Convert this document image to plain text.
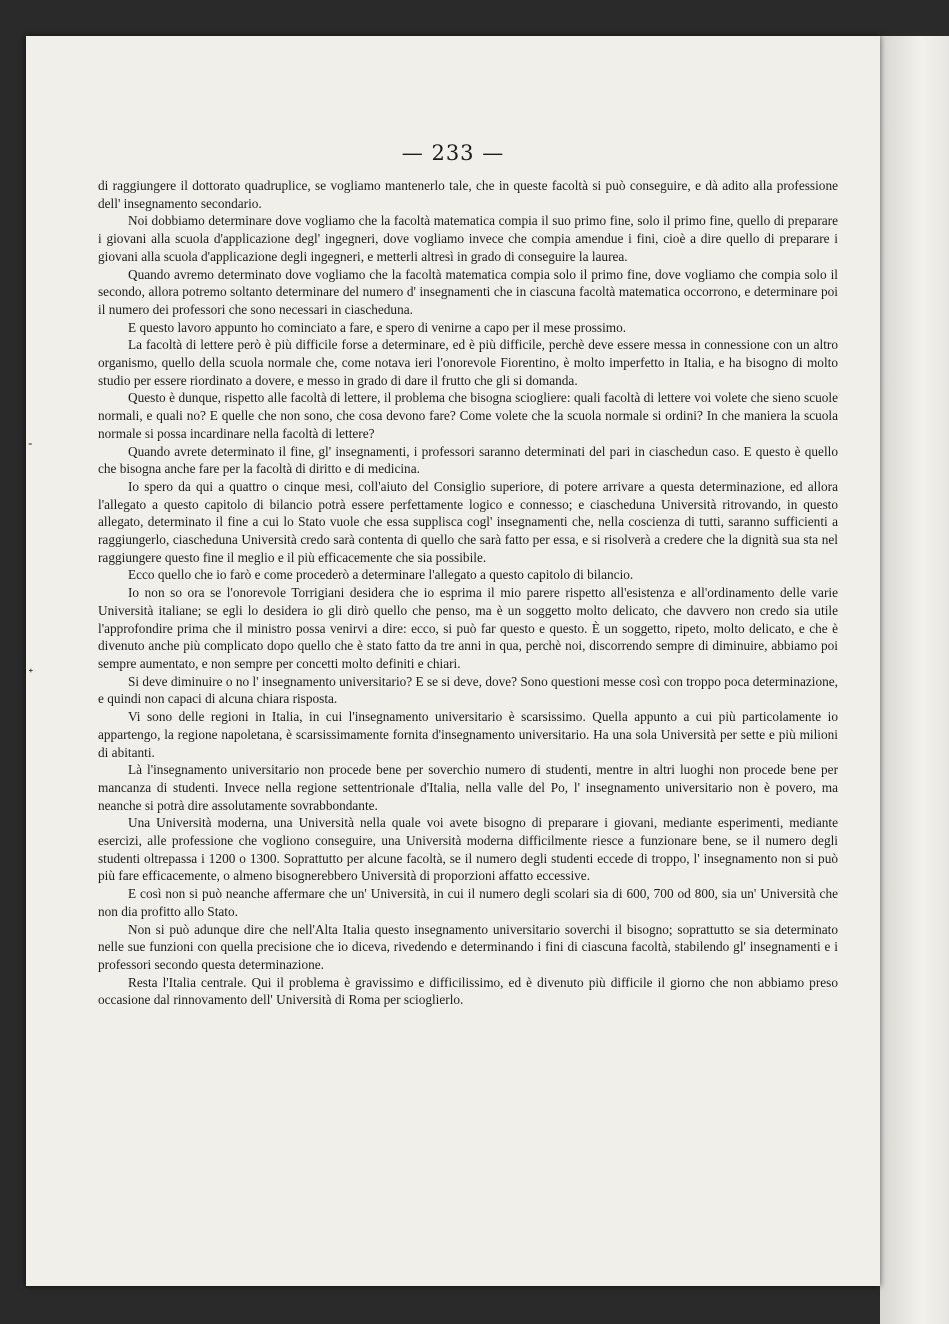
— 233 —

di raggiungere il dottorato quadruplice, se vogliamo mantenerlo tale, che in queste facoltà si può conseguire, e dà adito alla professione dell' insegnamento secondario.

Noi dobbiamo determinare dove vogliamo che la facoltà matematica compia il suo primo fine, solo il primo fine, quello di preparare i giovani alla scuola d'applicazione degl' ingegneri, dove vogliamo invece che compia amendue i fini, cioè a dire quello di preparare i giovani alla scuola d'applicazione degli ingegneri, e metterli altresì in grado di conseguire la laurea.

Quando avremo determinato dove vogliamo che la facoltà matematica compia solo il primo fine, dove vogliamo che compia solo il secondo, allora potremo soltanto determinare del numero d' insegnamenti che in ciascuna facoltà matematica occorrono, e determinare poi il numero dei professori che sono necessari in ciascheduna.

E questo lavoro appunto ho cominciato a fare, e spero di venirne a capo per il mese prossimo.

La facoltà di lettere però è più difficile forse a determinare, ed è più difficile, perchè deve essere messa in connessione con un altro organismo, quello della scuola normale che, come notava ieri l'onorevole Fiorentino, è molto imperfetto in Italia, e ha bisogno di molto studio per essere riordinato a dovere, e messo in grado di dare il frutto che gli si domanda.

Questo è dunque, rispetto alle facoltà di lettere, il problema che bisogna sciogliere: quali facoltà di lettere voi volete che sieno scuole normali, e quali no? E quelle che non sono, che cosa devono fare? Come volete che la scuola normale si ordini? In che maniera la scuola normale si possa incardinare nella facoltà di lettere?

Quando avrete determinato il fine, gl' insegnamenti, i professori saranno determinati del pari in ciaschedun caso. E questo è quello che bisogna anche fare per la facoltà di diritto e di medicina.

Io spero da qui a quattro o cinque mesi, coll'aiuto del Consiglio superiore, di potere arrivare a questa determinazione, ed allora l'allegato a questo capitolo di bilancio potrà essere perfettamente logico e connesso; e ciascheduna Università ritrovando, in questo allegato, determinato il fine a cui lo Stato vuole che essa supplisca cogl' insegnamenti che, nella coscienza di tutti, saranno sufficienti a raggiungerlo, ciascheduna Università credo sarà contenta di quello che sarà fatto per essa, e si risolverà a credere che la dignità sua sta nel raggiungere questo fine il meglio e il più efficacemente che sia possibile.

Ecco quello che io farò e come procederò a determinare l'allegato a questo capitolo di bilancio.

Io non so ora se l'onorevole Torrigiani desidera che io esprima il mio parere rispetto all'esistenza e all'ordinamento delle varie Università italiane; se egli lo desidera io gli dirò quello che penso, ma è un soggetto molto delicato, che davvero non credo sia utile l'approfondire prima che il ministro possa venirvi a dire: ecco, si può far questo e questo. È un soggetto, ripeto, molto delicato, e che è divenuto anche più complicato dopo quello che è stato fatto da tre anni in qua, perchè noi, discorrendo sempre di diminuire, abbiamo poi sempre aumentato, e non sempre per concetti molto definiti e chiari.

Si deve diminuire o no l' insegnamento universitario? E se si deve, dove? Sono questioni messe così con troppo poca determinazione, e quindi non capaci di alcuna chiara risposta.

Vi sono delle regioni in Italia, in cui l'insegnamento universitario è scarsissimo. Quella appunto a cui più particolamente io appartengo, la regione napoletana, è scarsissimamente fornita d'insegnamento universitario. Ha una sola Università per sette e più milioni di abitanti.

Là l'insegnamento universitario non procede bene per soverchio numero di studenti, mentre in altri luoghi non procede bene per mancanza di studenti. Invece nella regione settentrionale d'Italia, nella valle del Po, l' insegnamento universitario non è povero, ma neanche si potrà dire assolutamente sovrabbondante.

Una Università moderna, una Università nella quale voi avete bisogno di preparare i giovani, mediante esperimenti, mediante esercizi, alle professione che vogliono conseguire, una Università moderna difficilmente riesce a funzionare bene, se il numero degli studenti oltrepassa i 1200 o 1300. Soprattutto per alcune facoltà, se il numero degli studenti eccede di troppo, l' insegnamento non si può più fare efficacemente, o almeno bisognerebbero Università di proporzioni affatto eccessive.

E così non si può neanche affermare che un' Università, in cui il numero degli scolari sia di 600, 700 od 800, sia un' Università che non dia profitto allo Stato.

Non si può adunque dire che nell'Alta Italia questo insegnamento universitario soverchi il bisogno; soprattutto se sia determinato nelle sue funzioni con quella precisione che io diceva, rivedendo e determinando i fini di ciascuna facoltà, stabilendo gl' insegnamenti e i professori secondo questa determinazione.

Resta l'Italia centrale. Qui il problema è gravissimo e difficilissimo, ed è divenuto più difficile il giorno che non abbiamo preso occasione dal rinnovamento dell' Università di Roma per scioglierlo.

˗
ᐩ
